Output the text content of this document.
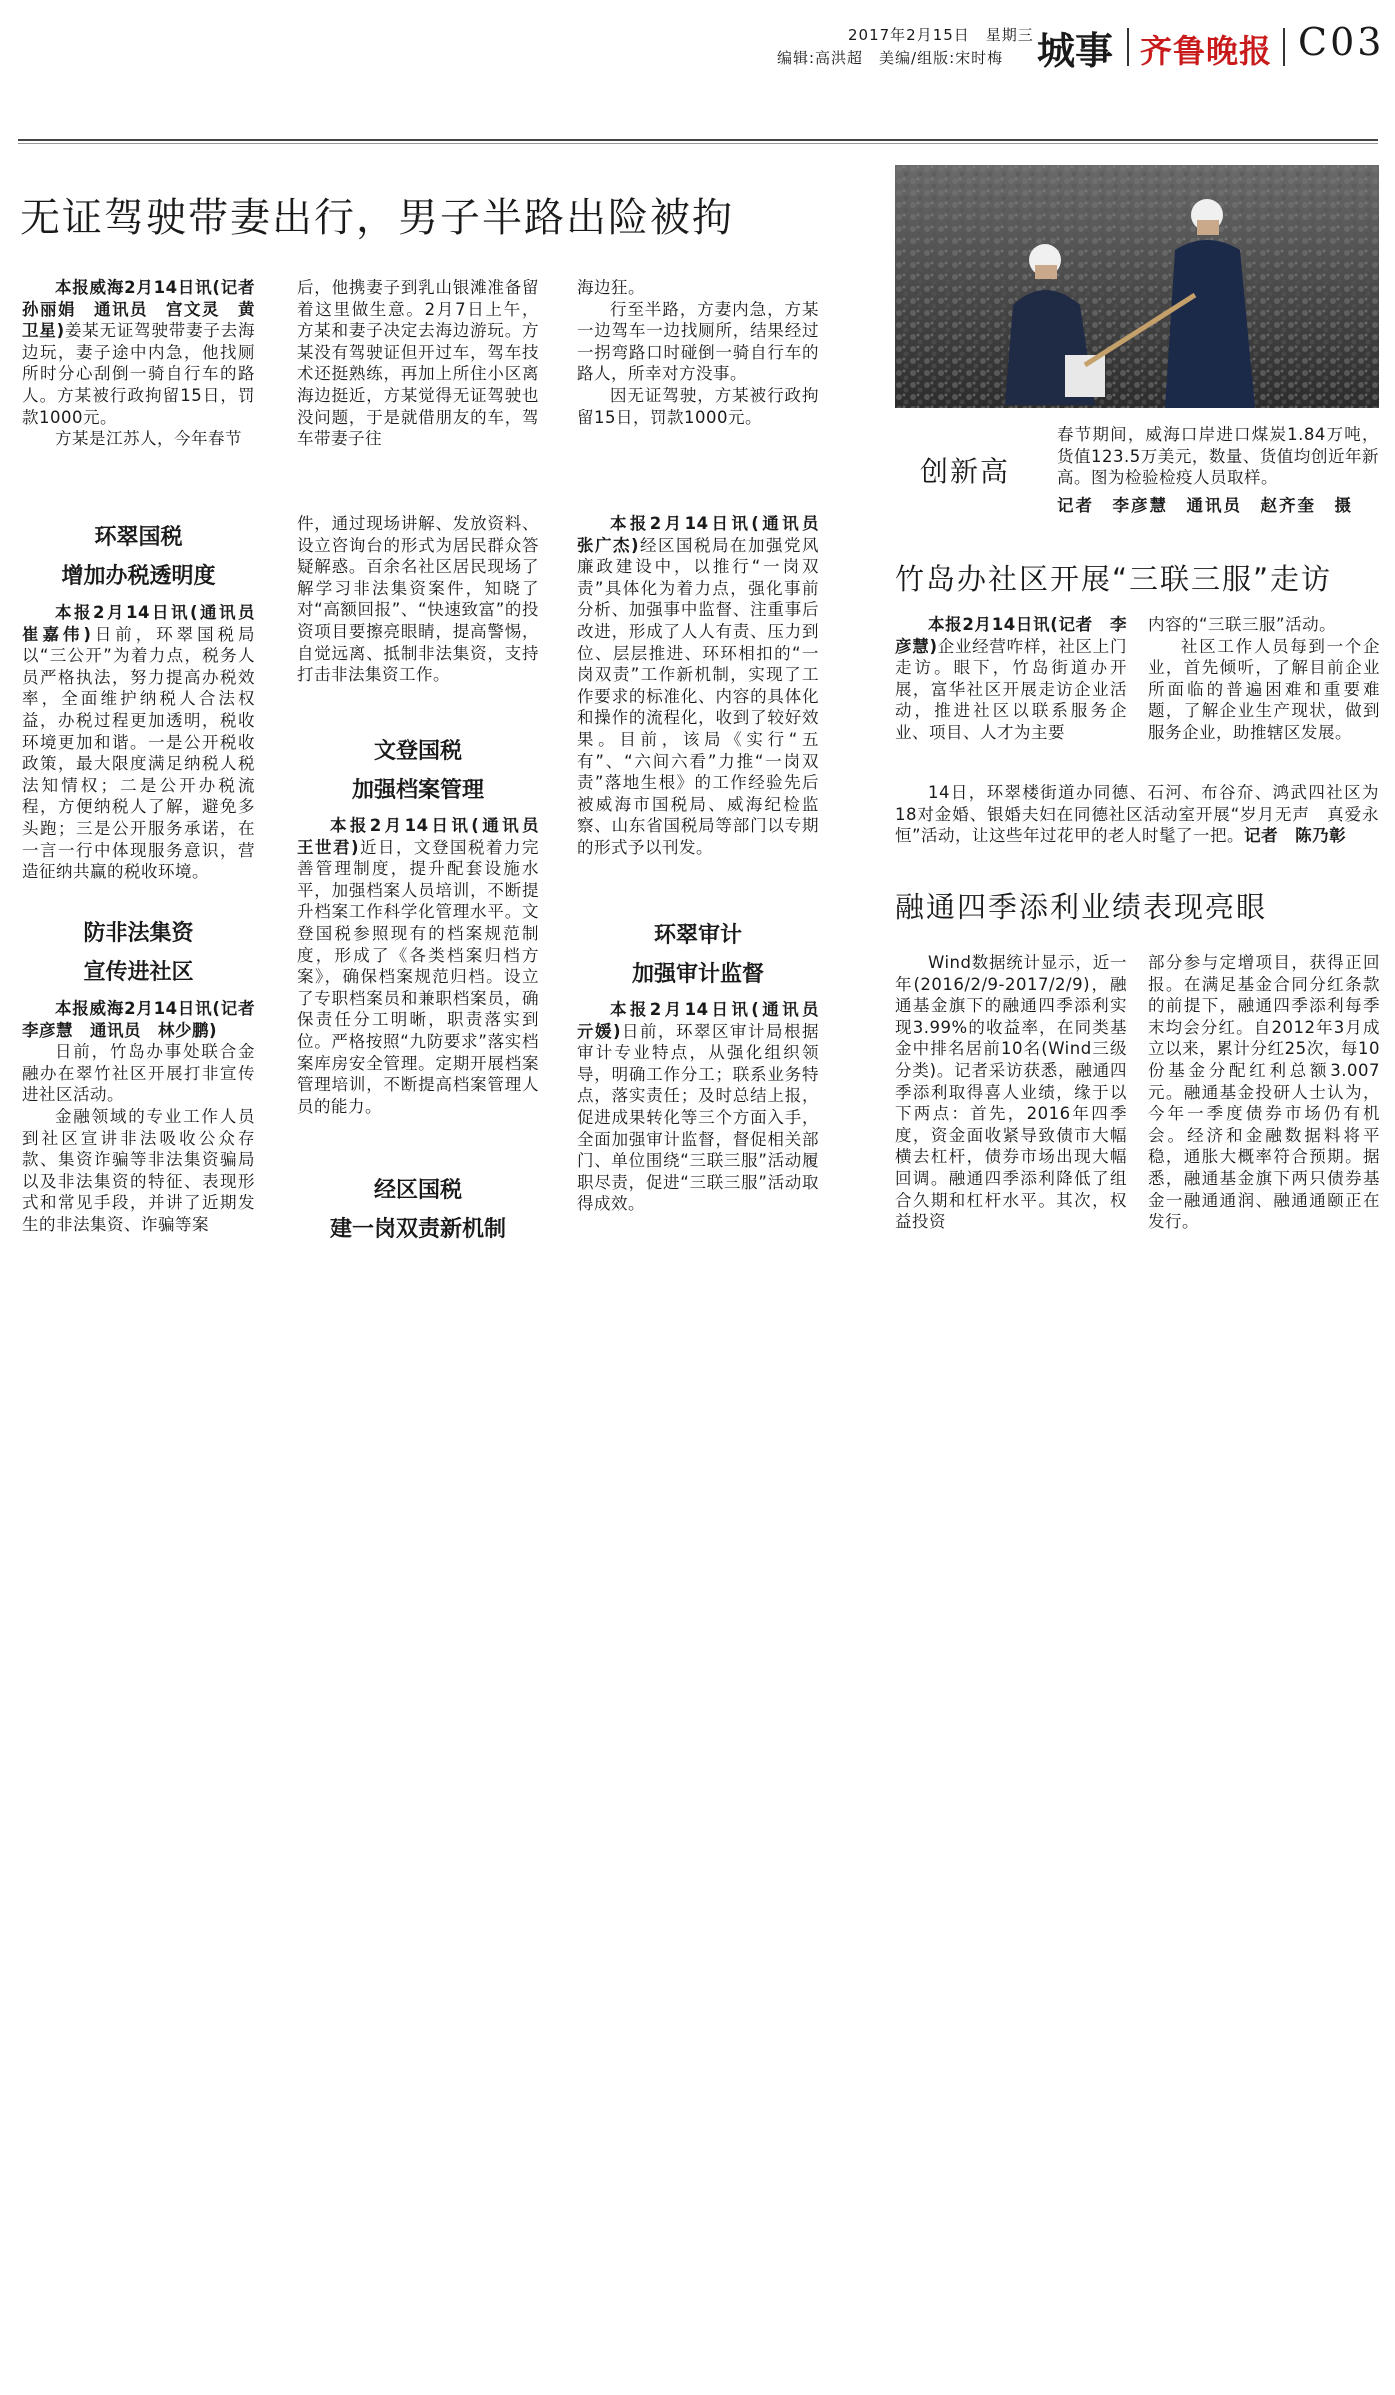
2017年2月15日　星期三
编辑:高洪超　美编/组版:宋时梅 城事 齐鲁晚报 C03
无证驾驶带妻出行，男子半路出险被拘

本报威海2月14日讯(记者　孙丽娟　通讯员　宫文灵　黄卫星)姜某无证驾驶带妻子去海边玩，妻子途中内急，他找厕所时分心刮倒一骑自行车的路人。方某被行政拘留15日，罚款1000元。

方某是江苏人，今年春节

后，他携妻子到乳山银滩准备留着这里做生意。2月7日上午，方某和妻子决定去海边游玩。方某没有驾驶证但开过车，驾车技术还挺熟练，再加上所住小区离海边挺近，方某觉得无证驾驶也没问题，于是就借朋友的车，驾车带妻子往

海边狂。

行至半路，方妻内急，方某一边驾车一边找厕所，结果经过一拐弯路口时碰倒一骑自行车的路人，所幸对方没事。

因无证驾驶，方某被行政拘留15日，罚款1000元。

环翠国税
增加办税透明度

本报2月14日讯(通讯员　崔嘉伟)日前，环翠国税局以“三公开”为着力点，税务人员严格执法，努力提高办税效率，全面维护纳税人合法权益，办税过程更加透明，税收环境更加和谐。一是公开税收政策，最大限度满足纳税人税法知情权；二是公开办税流程，方便纳税人了解，避免多头跑；三是公开服务承诺，在一言一行中体现服务意识，营造征纳共赢的税收环境。

防非法集资
宣传进社区

本报威海2月14日讯(记者　李彦慧　通讯员　林少鹏)

日前，竹岛办事处联合金融办在翠竹社区开展打非宣传进社区活动。

金融领域的专业工作人员到社区宣讲非法吸收公众存款、集资诈骗等非法集资骗局以及非法集资的特征、表现形式和常见手段，并讲了近期发生的非法集资、诈骗等案

件，通过现场讲解、发放资料、设立咨询台的形式为居民群众答疑解惑。百余名社区居民现场了解学习非法集资案件，知晓了对“高额回报”、“快速致富”的投资项目要擦亮眼睛，提高警惕，自觉远离、抵制非法集资，支持打击非法集资工作。

文登国税
加强档案管理

本报2月14日讯(通讯员　王世君)近日，文登国税着力完善管理制度，提升配套设施水平，加强档案人员培训，不断提升档案工作科学化管理水平。文登国税参照现有的档案规范制度，形成了《各类档案归档方案》，确保档案规范归档。设立了专职档案员和兼职档案员，确保责任分工明晰，职责落实到位。严格按照“九防要求”落实档案库房安全管理。定期开展档案管理培训，不断提高档案管理人员的能力。

经区国税
建一岗双责新机制

本报2月14日讯(通讯员　张广杰)经区国税局在加强党风廉政建设中，以推行“一岗双责”具体化为着力点，强化事前分析、加强事中监督、注重事后改进，形成了人人有责、压力到位、层层推进、环环相扣的“一岗双责”工作新机制，实现了工作要求的标准化、内容的具体化和操作的流程化，收到了较好效果。目前，该局《实行“五有”、“六间六看”力推“一岗双责”落地生根》的工作经验先后被威海市国税局、威海纪检监察、山东省国税局等部门以专期的形式予以刊发。

环翠审计
加强审计监督

本报2月14日讯(通讯员　亓媛)日前，环翠区审计局根据审计专业特点，从强化组织领导，明确工作分工；联系业务特点，落实责任；及时总结上报，促进成果转化等三个方面入手，全面加强审计监督，督促相关部门、单位围绕“三联三服”活动履职尽责，促进“三联三服”活动取得成效。

春节期间，威海口岸进口煤炭1.84万吨，货值123.5万美元，数量、货值均创近年新高。图为检验检疫人员取样。
创新高
记者　李彦慧　通讯员　赵齐奎　摄
竹岛办社区开展“三联三服”走访

本报2月14日讯(记者　李彦慧)企业经营咋样，社区上门走访。眼下，竹岛街道办开展，富华社区开展走访企业活动，推进社区以联系服务企业、项目、人才为主要

内容的“三联三服”活动。

社区工作人员每到一个企业，首先倾听，了解目前企业所面临的普遍困难和重要难题，了解企业生产现状，做到服务企业，助推辖区发展。

14日，环翠楼街道办同德、石河、布谷夼、鸿武四社区为18对金婚、银婚夫妇在同德社区活动室开展“岁月无声　真爱永恒”活动，让这些年过花甲的老人时髦了一把。记者　陈乃彰

融通四季添利业绩表现亮眼

Wind数据统计显示，近一年(2016/2/9-2017/2/9)，融通基金旗下的融通四季添利实现3.99%的收益率，在同类基金中排名居前10名(Wind三级分类)。记者采访获悉，融通四季添利取得喜人业绩，缘于以下两点：首先，2016年四季度，资金面收紧导致债市大幅横去杠杆，债券市场出现大幅回调。融通四季添利降低了组合久期和杠杆水平。其次，权益投资

部分参与定增项目，获得正回报。在满足基金合同分红条款的前提下，融通四季添利每季末均会分红。自2012年3月成立以来，累计分红25次，每10份基金分配红利总额3.007元。融通基金投研人士认为，今年一季度债券市场仍有机会。经济和金融数据料将平稳，通胀大概率符合预期。据悉，融通基金旗下两只债券基金一融通通润、融通通颐正在发行。
